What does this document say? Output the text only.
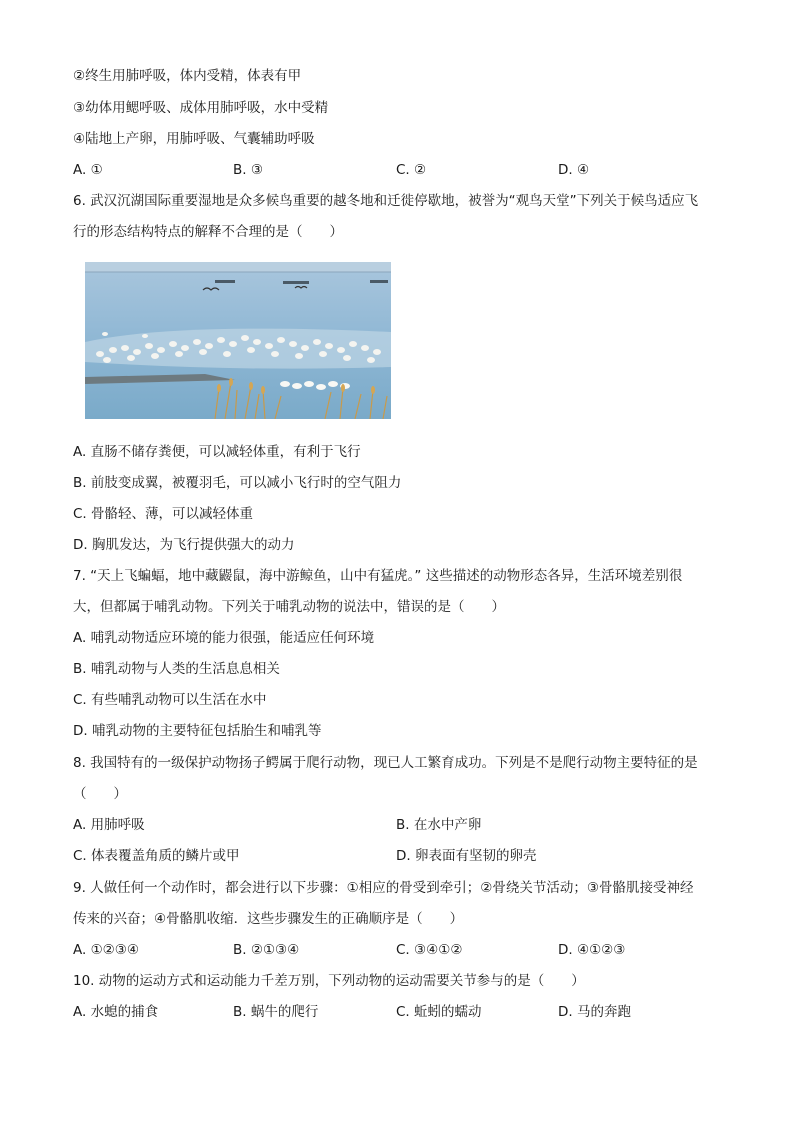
②终生用肺呼吸，体内受精，体表有甲
③幼体用鳃呼吸、成体用肺呼吸，水中受精
④陆地上产卵，用肺呼吸、气囊辅助呼吸
A. ①	B. ③	C. ②	D. ④
6. 武汉沉湖国际重要湿地是众多候鸟重要的越冬地和迁徙停歇地，被誉为“观鸟天堂”下列关于候鸟适应飞
行的形态结构特点的解释不合理的是（　　）
A. 直肠不储存粪便，可以减轻体重，有利于飞行
B. 前肢变成翼，被覆羽毛，可以减小飞行时的空气阻力
C. 骨骼轻、薄，可以减轻体重
D. 胸肌发达，为飞行提供强大的动力
7. “天上飞蝙蝠，地中藏鼹鼠，海中游鲸鱼，山中有猛虎。” 这些描述的动物形态各异，生活环境差别很
大，但都属于哺乳动物。下列关于哺乳动物的说法中，错误的是（　　）
A. 哺乳动物适应环境的能力很强，能适应任何环境
B. 哺乳动物与人类的生活息息相关
C. 有些哺乳动物可以生活在水中
D. 哺乳动物的主要特征包括胎生和哺乳等
8. 我国特有的一级保护动物扬子鳄属于爬行动物，现已人工繁育成功。下列是不是爬行动物主要特征的是
（　　）
A. 用肺呼吸	B. 在水中产卵
C. 体表覆盖角质的鳞片或甲	D. 卵表面有坚韧的卵壳
9. 人做任何一个动作时，都会进行以下步骤：①相应的骨受到牵引；②骨绕关节活动；③骨骼肌接受神经
传来的兴奋；④骨骼肌收缩．这些步骤发生的正确顺序是（　　）
A. ①②③④	B. ②①③④	C. ③④①②	D. ④①②③
10. 动物的运动方式和运动能力千差万别，下列动物的运动需要关节参与的是（　　）
A. 水螅的捕食	B. 蜗牛的爬行	C. 蚯蚓的蠕动	D. 马的奔跑
